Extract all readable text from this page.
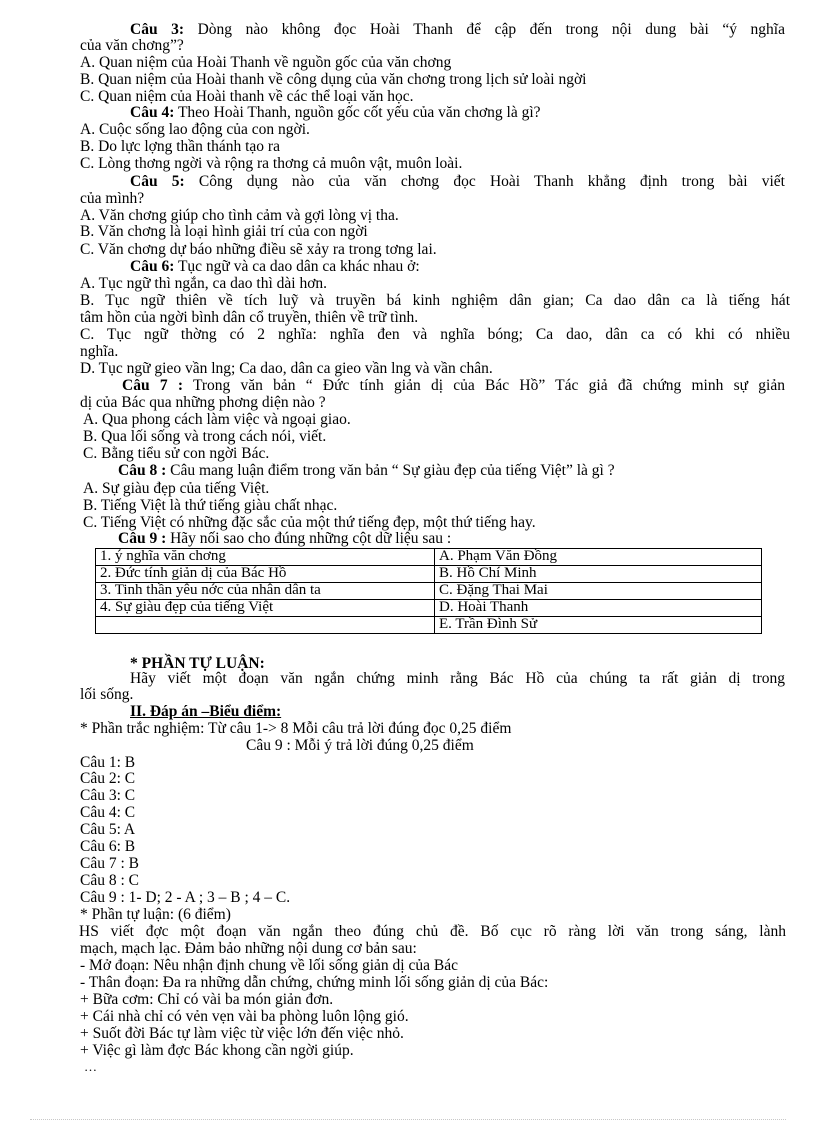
Câu 3: Dòng nào không đọc Hoài Thanh để cập đến trong nội dung bài “ý nghĩa
của văn chơng”?
A. Quan niệm của Hoài Thanh về nguồn gốc của văn chơng
B. Quan niệm của Hoài thanh về công dụng của văn chơng trong lịch sử loài ngời
C. Quan niệm của Hoài thanh về các thể loại văn học.
Câu 4: Theo Hoài Thanh, nguồn gốc cốt yếu của văn chơng là gì?
A. Cuộc sống lao động của con ngời.
B. Do lực lợng thần thánh tạo ra
C. Lòng thơng ngời và rộng ra thơng cả muôn vật, muôn loài.
Câu 5: Công dụng nào của văn chơng đọc Hoài Thanh khẳng định trong bài viết
của mình?
A. Văn chơng giúp cho tình cảm và gợi lòng vị tha.
B. Văn chơng là loại hình giải trí của con ngời
C. Văn chơng dự báo những điều sẽ xảy ra trong tơng lai.
Câu 6: Tục ngữ và ca dao dân ca khác nhau ở:
A. Tục ngữ thì ngắn, ca dao thì dài hơn.
B. Tục ngữ thiên về tích luỹ và truyền bá kinh nghiệm dân gian; Ca dao dân ca là tiếng hát
tâm hồn của ngời bình dân cổ truyền, thiên về trữ tình.
C. Tục ngữ thờng có 2 nghĩa: nghĩa đen và nghĩa bóng; Ca dao, dân ca có khi có nhiều
nghĩa.
D. Tục ngữ gieo vần lng; Ca dao, dân ca gieo vần lng và vần chân.
Câu 7 : Trong văn bản “ Đức tính giản dị của Bác Hồ” Tác giả đã chứng minh sự giản
dị của Bác qua những phơng diện nào ?
A. Qua phong cách làm việc và ngoại giao.
B. Qua lối sống và trong cách nói, viết.
C. Bằng tiểu sử con ngời Bác.
Câu 8 : Câu mang luận điểm trong văn bản “ Sự giàu đẹp của tiếng Việt” là gì ?
A. Sự giàu đẹp của tiếng Việt.
B. Tiếng Việt là thứ tiếng giàu chất nhạc.
C. Tiếng Việt có những đặc sắc của một thứ tiếng đẹp, một thứ tiếng hay.
Câu 9 : Hãy nối sao cho đúng những cột dữ liệu sau :
1. ý nghĩa văn chơng	A. Phạm Văn Đồng
2. Đức tính giản dị của Bác Hồ	B. Hồ Chí Minh
3. Tinh thần yêu nớc của nhân dân ta	C. Đặng Thai Mai
4. Sự giàu đẹp của tiếng Việt	D. Hoài Thanh
	E. Trần Đình Sử
* PHẦN TỰ LUẬN:
Hãy viết một đoạn văn ngắn chứng minh rằng Bác Hồ của chúng ta rất giản dị trong
lối sống.
II. Đáp án –Biểu điểm:
* Phần trắc nghiệm: Từ câu 1-> 8 Mỗi câu trả lời đúng đọc 0,25 điểm
Câu 9 : Mỗi ý trả lời đúng 0,25 điểm
Câu 1: B
Câu 2: C
Câu 3: C
Câu 4: C
Câu 5: A
Câu 6: B
Câu 7 : B
Câu 8 : C
Câu 9 : 1- D; 2 - A ; 3 – B ; 4 – C.
* Phần tự luận: (6 điểm)
HS viết đợc một đoạn văn ngắn theo đúng chủ đề. Bố cục rõ ràng lời văn trong sáng, lành
mạch, mạch lạc. Đảm bảo những nội dung cơ bản sau:
- Mở đoạn: Nêu nhận định chung về lối sống giản dị của Bác
- Thân đoạn: Đa ra những dẫn chứng, chứng minh lối sống giản dị của Bác:
+ Bữa cơm: Chỉ có vài ba món giản đơn.
+ Cái nhà chỉ có vẻn vẹn vài ba phòng luôn lộng gió.
+ Suốt đời Bác tự làm việc từ việc lớn đến việc nhỏ.
+ Việc gì làm đợc Bác khong cần ngời giúp.
…
